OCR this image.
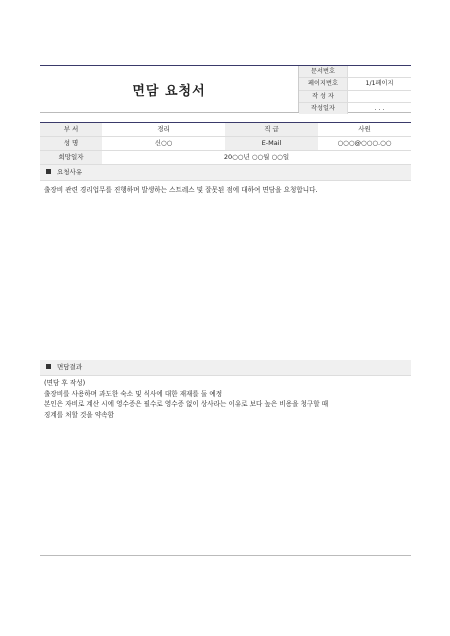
면담 요청서
문서번호
페이지번호	1/1페이지
작 성 자
작성일자	. . .
부 서	경리	직 급	사원
성 명	신○○	E-Mail	○○○@○○○.○○
희망일자	20○○년 ○○월 ○○일
요청사유
출장비 관련 경리업무를 진행하며 발생하는 스트레스 및 잘못된 점에 대하여 면담을 요청합니다.
면담결과

(면담 후 작성)

출장비를 사용하며 과도한 숙소 및 식사에 대한 재재를 둘 예정

본인은 자비로 계산 시에 영수증은 필수로 영수증 없이 상사라는 이유로 보다 높은 비용을 청구할 때

징계를 처할 것을 약속함
